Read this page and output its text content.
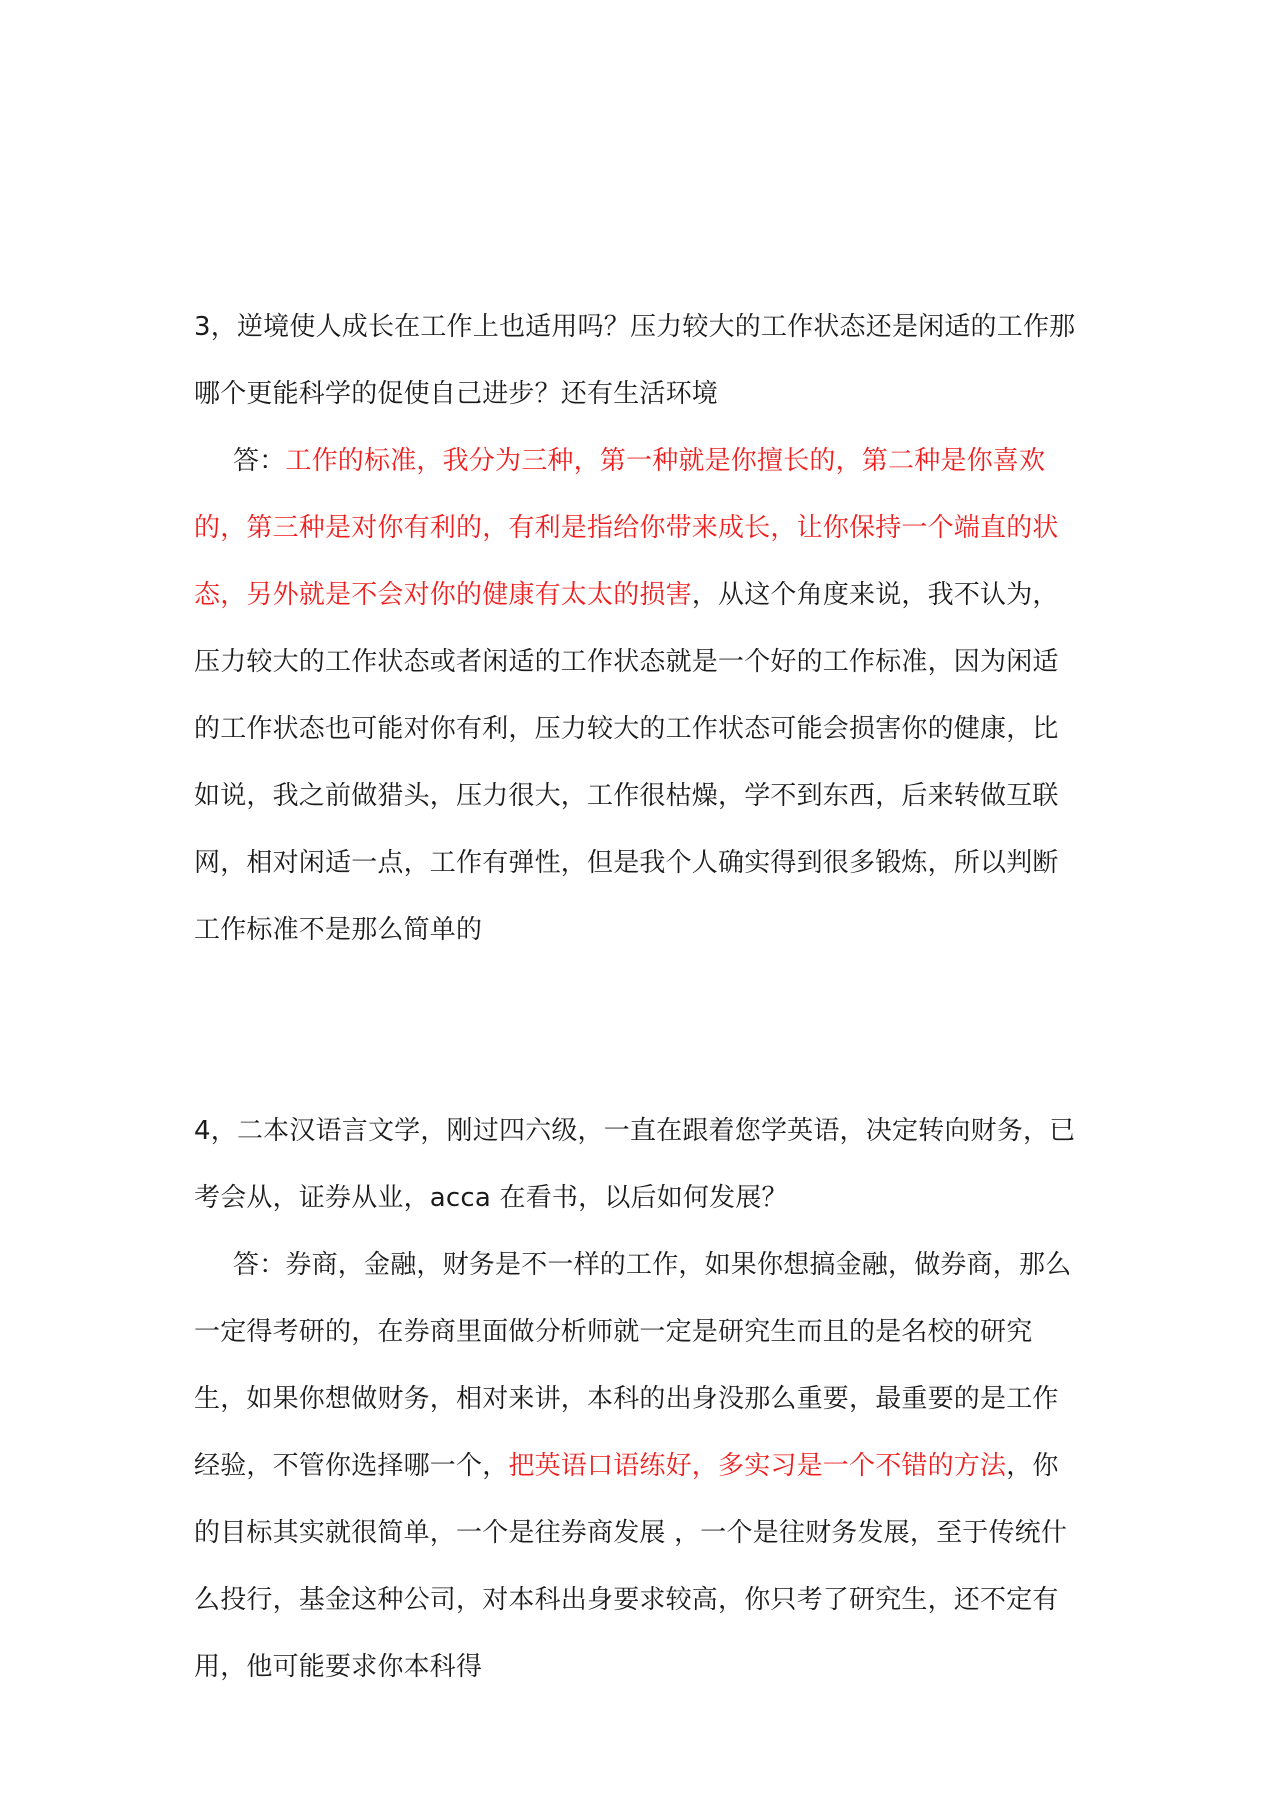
3，逆境使人成长在工作上也适用吗？压力较大的工作状态还是闲适的工作那哪个更能科学的促使自己进步？还有生活环境
答：工作的标准，我分为三种，第一种就是你擅长的，第二种是你喜欢的，第三种是对你有利的，有利是指给你带来成长，让你保持一个端直的状态，另外就是不会对你的健康有太太的损害，从这个角度来说，我不认为，压力较大的工作状态或者闲适的工作状态就是一个好的工作标准，因为闲适的工作状态也可能对你有利，压力较大的工作状态可能会损害你的健康，比如说，我之前做猎头，压力很大，工作很枯燥，学不到东西，后来转做互联网，相对闲适一点，工作有弹性，但是我个人确实得到很多锻炼，所以判断工作标准不是那么简单的
4，二本汉语言文学，刚过四六级，一直在跟着您学英语，决定转向财务，已考会从，证券从业，acca 在看书，以后如何发展？
答：券商，金融，财务是不一样的工作，如果你想搞金融，做券商，那么一定得考研的，在券商里面做分析师就一定是研究生而且的是名校的研究生，如果你想做财务，相对来讲，本科的出身没那么重要，最重要的是工作经验，不管你选择哪一个，把英语口语练好，多实习是一个不错的方法，你的目标其实就很简单，一个是往券商发展 ，一个是往财务发展，至于传统什么投行，基金这种公司，对本科出身要求较高，你只考了研究生，还不定有用，他可能要求你本科得
